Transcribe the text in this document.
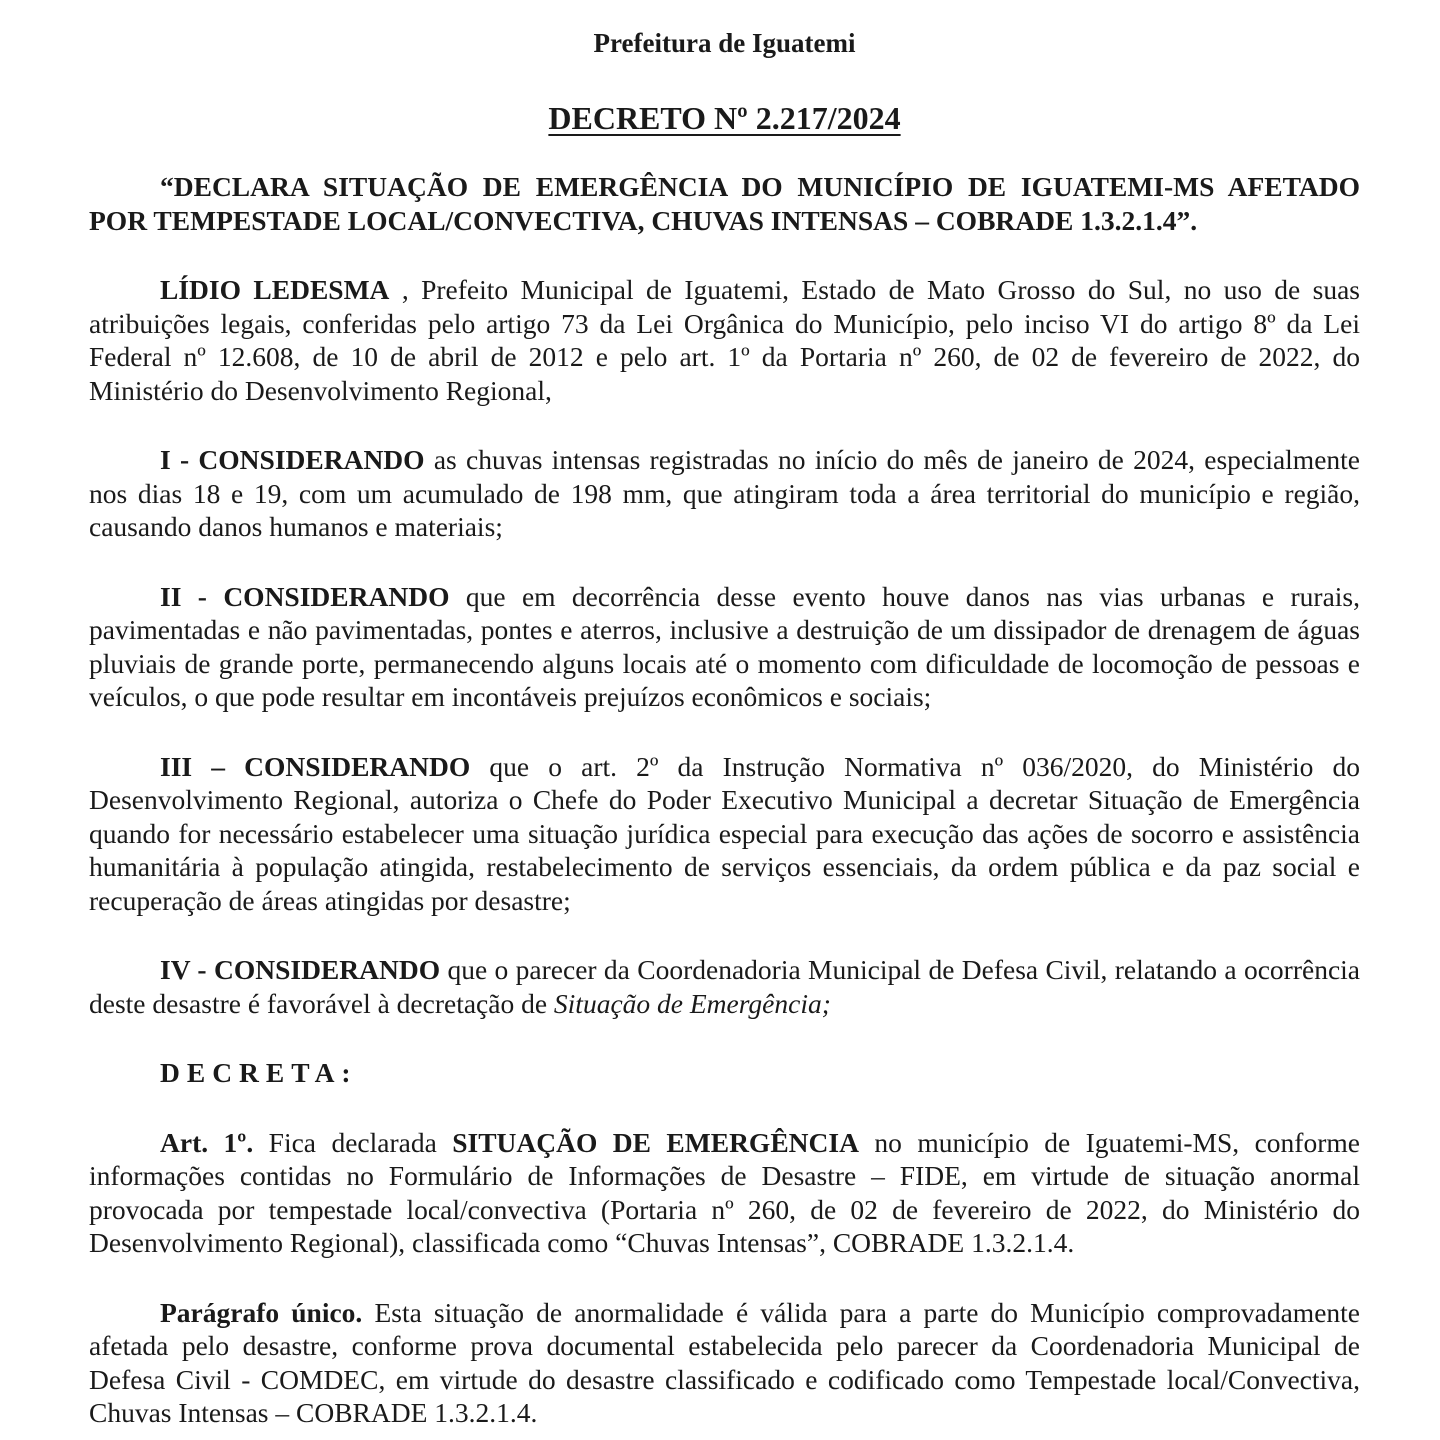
Prefeitura de Iguatemi

DECRETO Nº 2.217/2024

“DECLARA SITUAÇÃO DE EMERGÊNCIA DO MUNICÍPIO DE IGUATEMI-MS AFETADO POR TEMPESTADE LOCAL/CONVECTIVA, CHUVAS INTENSAS – COBRADE 1.3.2.1.4”.

LÍDIO LEDESMA , Prefeito Municipal de Iguatemi, Estado de Mato Grosso do Sul, no uso de suas atribuições legais, conferidas pelo artigo 73 da Lei Orgânica do Município, pelo inciso VI do artigo 8º da Lei Federal nº 12.608, de 10 de abril de 2012 e pelo art. 1º da Portaria nº 260, de 02 de fevereiro de 2022, do Ministério do Desenvolvimento Regional,

I - CONSIDERANDO as chuvas intensas registradas no início do mês de janeiro de 2024, especialmente nos dias 18 e 19, com um acumulado de 198 mm, que atingiram toda a área territorial do município e região, causando danos humanos e materiais;

II - CONSIDERANDO que em decorrência desse evento houve danos nas vias urbanas e rurais, pavimentadas e não pavimentadas, pontes e aterros, inclusive a destruição de um dissipador de drenagem de águas pluviais de grande porte, permanecendo alguns locais até o momento com dificuldade de locomoção de pessoas e veículos, o que pode resultar em incontáveis prejuízos econômicos e sociais;

III – CONSIDERANDO que o art. 2º da Instrução Normativa nº 036/2020, do Ministério do Desenvolvimento Regional, autoriza o Chefe do Poder Executivo Municipal a decretar Situação de Emergência quando for necessário estabelecer uma situação jurídica especial para execução das ações de socorro e assistência humanitária à população atingida, restabelecimento de serviços essenciais, da ordem pública e da paz social e recuperação de áreas atingidas por desastre;

IV - CONSIDERANDO que o parecer da Coordenadoria Municipal de Defesa Civil, relatando a ocorrência deste desastre é favorável à decretação de Situação de Emergência;

DECRETA:

Art. 1º. Fica declarada SITUAÇÃO DE EMERGÊNCIA no município de Iguatemi-MS, conforme informações contidas no Formulário de Informações de Desastre – FIDE, em virtude de situação anormal provocada por tempestade local/convectiva (Portaria nº 260, de 02 de fevereiro de 2022, do Ministério do Desenvolvimento Regional), classificada como “Chuvas Intensas”, COBRADE 1.3.2.1.4.

Parágrafo único. Esta situação de anormalidade é válida para a parte do Município comprovadamente afetada pelo desastre, conforme prova documental estabelecida pelo parecer da Coordenadoria Municipal de Defesa Civil - COMDEC, em virtude do desastre classificado e codificado como Tempestade local/Convectiva, Chuvas Intensas – COBRADE 1.3.2.1.4.
